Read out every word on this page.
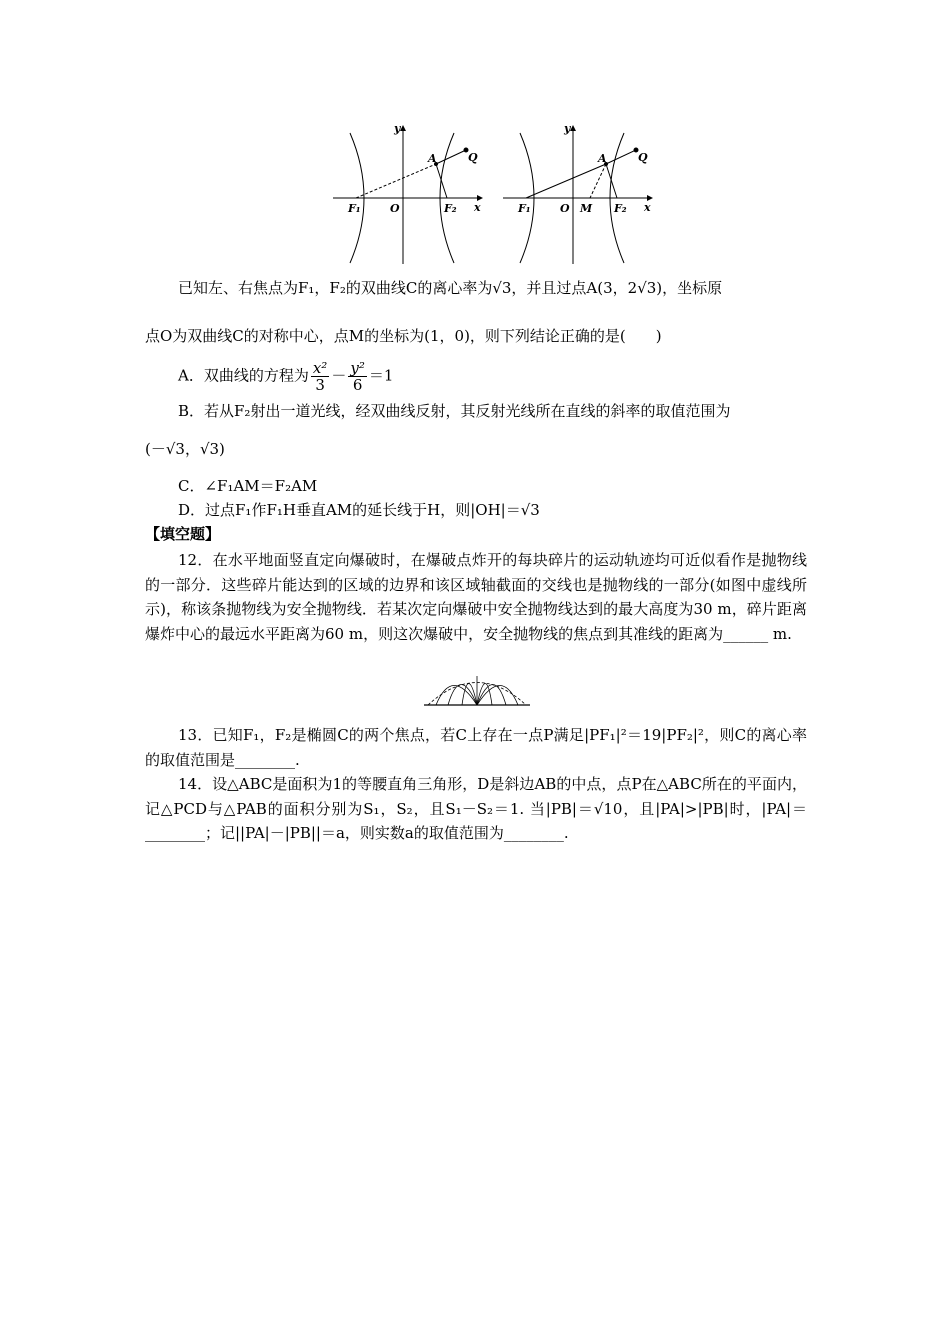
y
x
A	Q
F₁	O	F₂
y
x
A	Q
F₁	O M F₂
已知左、右焦点为F₁，F₂的双曲线C的离心率为√3，并且过点A(3，2√3)，坐标原
点O为双曲线C的对称中心，点M的坐标为(1，0)，则下列结论正确的是(　　)
A．双曲线的方程为 $\frac{\text{x²}}{3} - \frac{\text{y²}}{6} =1$
B．若从F₂射出一道光线，经双曲线反射，其反射光线所在直线的斜率的取值范围为
(－√3，√3)
C．∠F₁AM＝F₂AM
D．过点F₁作F₁H垂直AM的延长线于H，则|OH|＝√3
【填空题】
12．在水平地面竖直定向爆破时，在爆破点炸开的每块碎片的运动轨迹均可近似看作是抛物线的一部分．这些碎片能达到的区域的边界和该区域轴截面的交线也是抛物线的一部分(如图中虚线所示)，称该条抛物线为安全抛物线．若某次定向爆破中安全抛物线达到的最大高度为30 m，碎片距离爆炸中心的最远水平距离为60 m，则这次爆破中，安全抛物线的焦点到其准线的距离为______ m.
13．已知F₁，F₂是椭圆C的两个焦点，若C上存在一点P满足|PF₁|²＝19|PF₂|²，则C的离心率的取值范围是________.
14．设△ABC是面积为1的等腰直角三角形，D是斜边AB的中点，点P在△ABC所在的平面内，记△PCD与△PAB的面积分别为S₁，S₂，且S₁－S₂＝1. 当|PB|＝√10，且|PA|>|PB|时，|PA|＝________；记||PA|－|PB||＝a，则实数a的取值范围为________.
